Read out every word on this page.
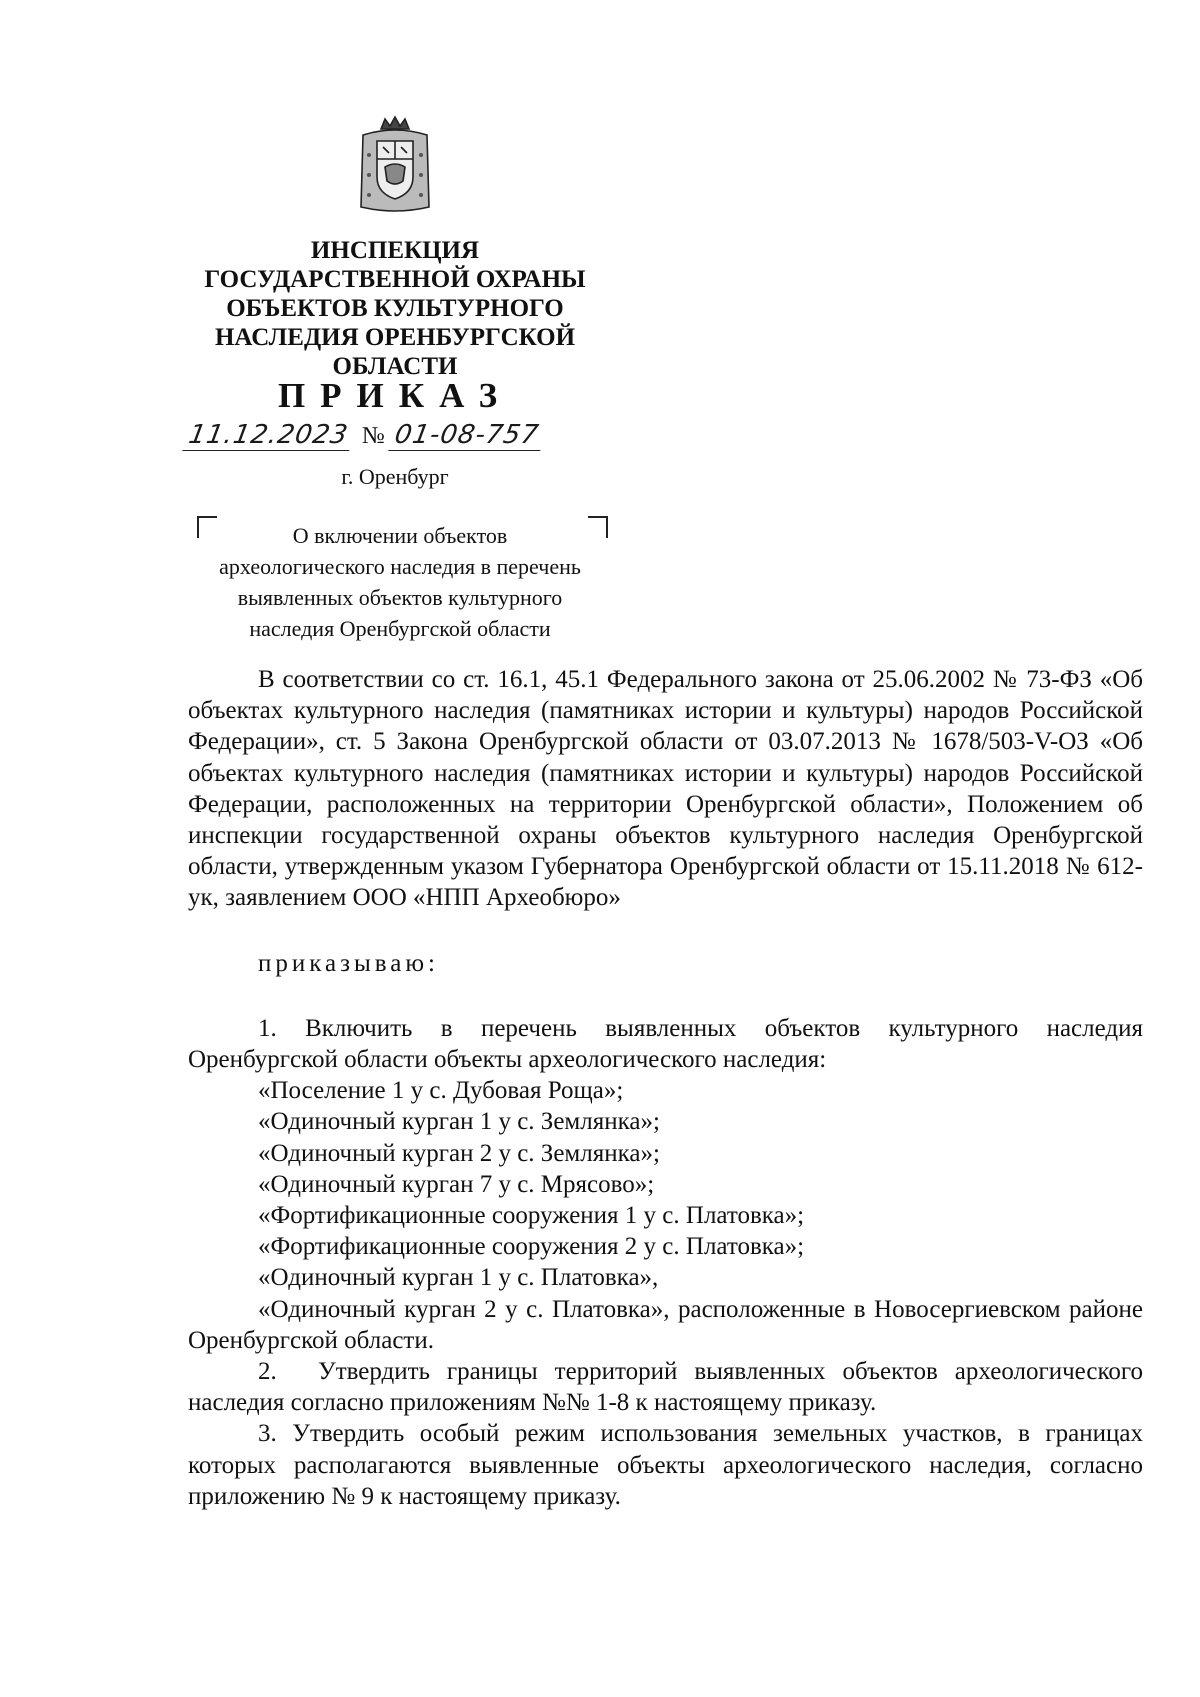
ИНСПЕКЦИЯ
ГОСУДАРСТВЕННОЙ ОХРАНЫ
ОБЪЕКТОВ КУЛЬТУРНОГО
НАСЛЕДИЯ ОРЕНБУРГСКОЙ
ОБЛАСТИ
ПРИКАЗ
11.12.2023 № 01-08-757
г. Оренбург
О включении объектов
археологического наследия в перечень
выявленных объектов культурного
наследия Оренбургской области

В соответствии со ст. 16.1, 45.1 Федерального закона от 25.06.2002 № 73-ФЗ «Об объектах культурного наследия (памятниках истории и культуры) народов Российской Федерации», ст. 5 Закона Оренбургской области от 03.07.2013 № 1678/503-V-ОЗ «Об объектах культурного наследия (памятниках истории и культуры) народов Российской Федерации, расположенных на территории Оренбургской области», Положением об инспекции государственной охраны объектов культурного наследия Оренбургской области, утвержденным указом Губернатора Оренбургской области от 15.11.2018 № 612-ук, заявлением ООО «НПП Археобюро»

приказываю:

1. Включить в перечень выявленных объектов культурного наследия Оренбургской области объекты археологического наследия:

«Поселение 1 у с. Дубовая Роща»;
«Одиночный курган 1 у с. Землянка»;
«Одиночный курган 2 у с. Землянка»;
«Одиночный курган 7 у с. Мрясово»;
«Фортификационные сооружения 1 у с. Платовка»;
«Фортификационные сооружения 2 у с. Платовка»;
«Одиночный курган 1 у с. Платовка»,

«Одиночный курган 2 у с. Платовка», расположенные в Новосергиевском районе Оренбургской области.

2. Утвердить границы территорий выявленных объектов археологического наследия согласно приложениям №№ 1-8 к настоящему приказу.

3. Утвердить особый режим использования земельных участков, в границах которых располагаются выявленные объекты археологического наследия, согласно приложению № 9 к настоящему приказу.
